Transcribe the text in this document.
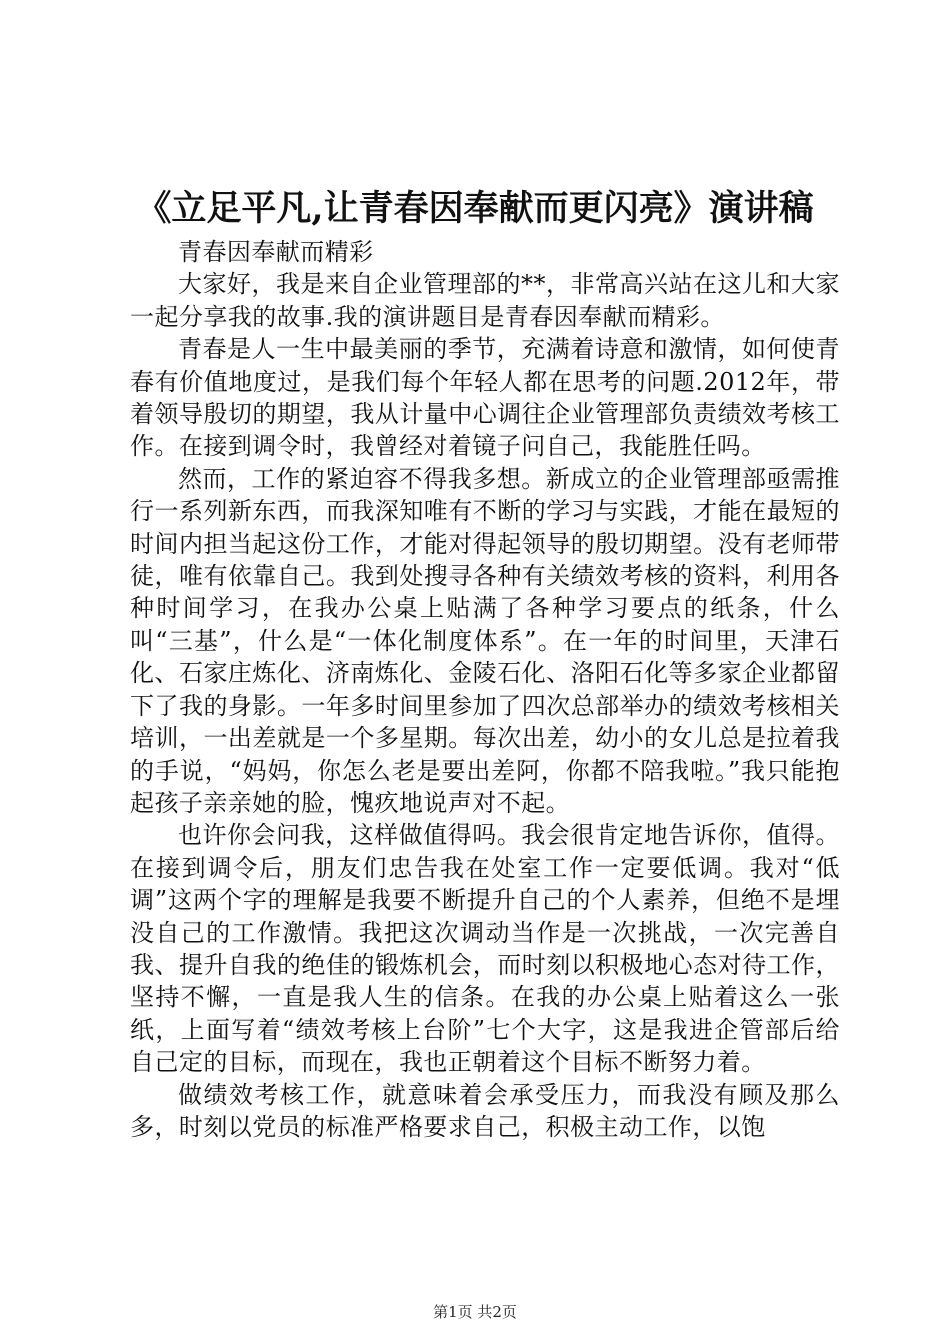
《立足平凡,让青春因奉献而更闪亮》演讲稿

青春因奉献而精彩

大家好，我是来自企业管理部的**，非常高兴站在这儿和大家一起分享我的故事.我的演讲题目是青春因奉献而精彩。

青春是人一生中最美丽的季节，充满着诗意和激情，如何使青春有价值地度过，是我们每个年轻人都在思考的问题.2012年，带着领导殷切的期望，我从计量中心调往企业管理部负责绩效考核工作。在接到调令时，我曾经对着镜子问自己，我能胜任吗。

然而，工作的紧迫容不得我多想。新成立的企业管理部亟需推行一系列新东西，而我深知唯有不断的学习与实践，才能在最短的时间内担当起这份工作，才能对得起领导的殷切期望。没有老师带徒，唯有依靠自己。我到处搜寻各种有关绩效考核的资料，利用各种时间学习，在我办公桌上贴满了各种学习要点的纸条，什么叫“三基”，什么是“一体化制度体系”。在一年的时间里，天津石化、石家庄炼化、济南炼化、金陵石化、洛阳石化等多家企业都留下了我的身影。一年多时间里参加了四次总部举办的绩效考核相关培训，一出差就是一个多星期。每次出差，幼小的女儿总是拉着我的手说，“妈妈，你怎么老是要出差阿，你都不陪我啦。”我只能抱起孩子亲亲她的脸，愧疚地说声对不起。

也许你会问我，这样做值得吗。我会很肯定地告诉你，值得。在接到调令后，朋友们忠告我在处室工作一定要低调。我对“低调”这两个字的理解是我要不断提升自己的个人素养，但绝不是埋没自己的工作激情。我把这次调动当作是一次挑战，一次完善自我、提升自我的绝佳的锻炼机会，而时刻以积极地心态对待工作，坚持不懈，一直是我人生的信条。在我的办公桌上贴着这么一张纸，上面写着“绩效考核上台阶”七个大字，这是我进企管部后给自己定的目标，而现在，我也正朝着这个目标不断努力着。

做绩效考核工作，就意味着会承受压力，而我没有顾及那么多，时刻以党员的标准严格要求自己，积极主动工作，以饱

第1页 共2页
